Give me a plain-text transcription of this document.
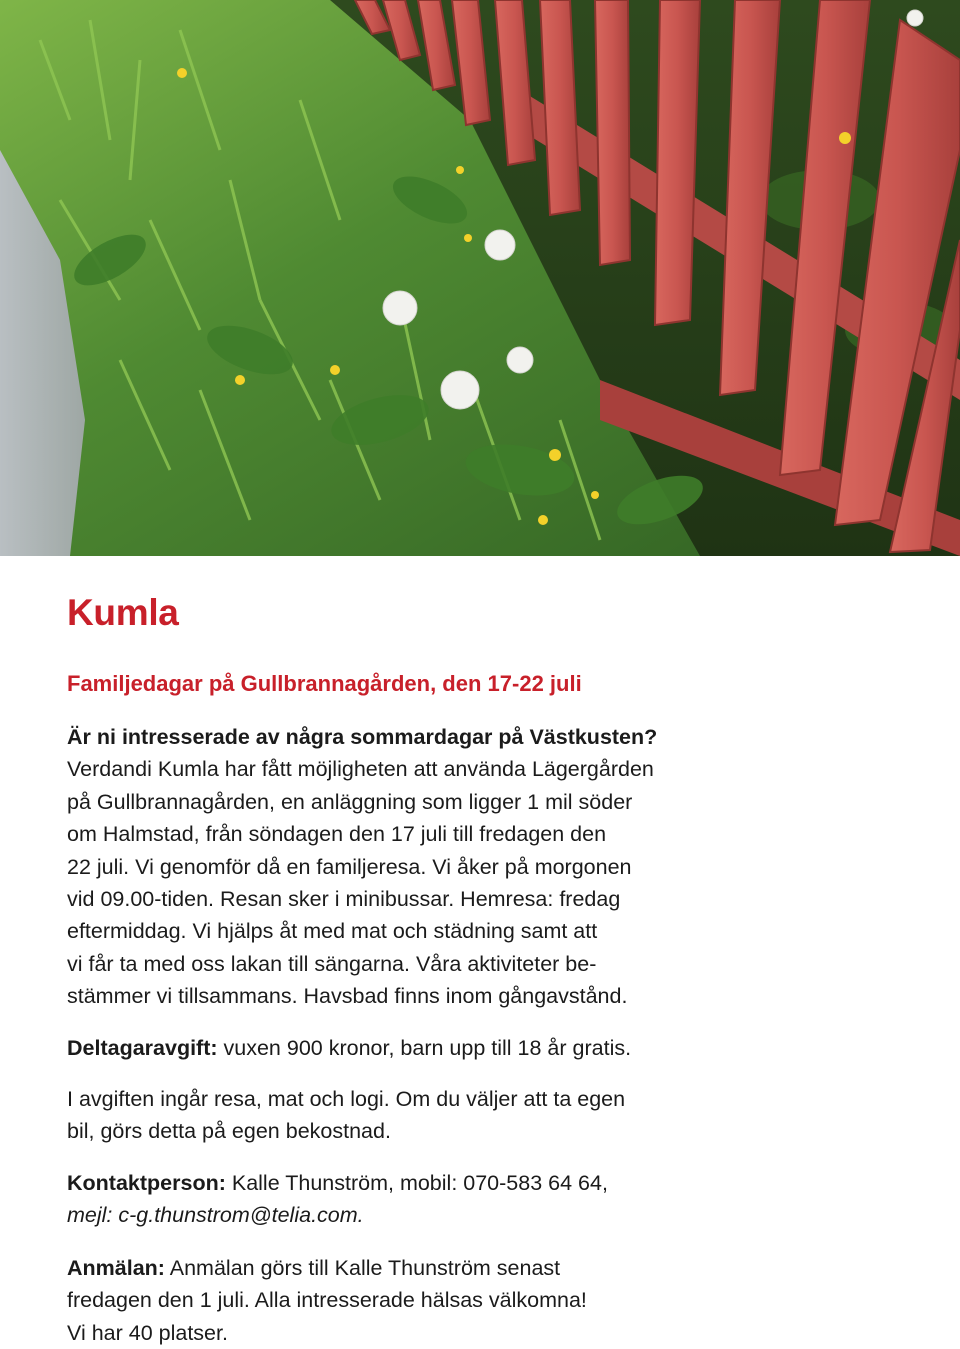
Kumla
Familjedagar på Gullbrannagården, den 17-22 juli

Är ni intresserade av några sommardagar på Västkusten?

Verdandi Kumla har fått möjligheten att använda Lägergården

på Gullbrannagården, en anläggning som ligger 1 mil söder

om Halmstad, från söndagen den 17 juli till fredagen den

22 juli. Vi genomför då en familjeresa. Vi åker på morgonen

vid 09.00-tiden. Resan sker i minibussar. Hemresa: fredag

eftermiddag. Vi hjälps åt med mat och städning samt att

vi får ta med oss lakan till sängarna. Våra aktiviteter be-

stämmer vi tillsammans. Havsbad finns inom gångavstånd.

Deltagaravgift: vuxen 900 kronor, barn upp till 18 år gratis.

I avgiften ingår resa, mat och logi. Om du väljer att ta egen

bil, görs detta på egen bekostnad.

Kontaktperson: Kalle Thunström, mobil: 070-583 64 64,

mejl: c-g.thunstrom@telia.com.

Anmälan: Anmälan görs till Kalle Thunström senast

fredagen den 1 juli. Alla intresserade hälsas välkomna!

Vi har 40 platser.
